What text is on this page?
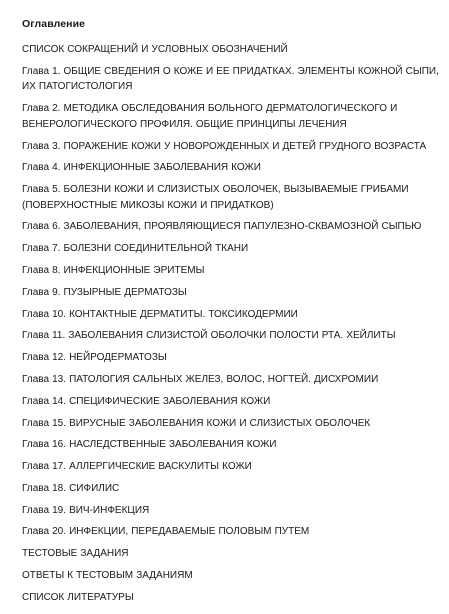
Оглавление
СПИСОК СОКРАЩЕНИЙ И УСЛОВНЫХ ОБОЗНАЧЕНИЙ
Глава 1. ОБЩИЕ СВЕДЕНИЯ О КОЖЕ И ЕЕ ПРИДАТКАХ. ЭЛЕМЕНТЫ КОЖНОЙ СЫПИ, ИХ ПАТОГИСТОЛОГИЯ
Глава 2. МЕТОДИКА ОБСЛЕДОВАНИЯ БОЛЬНОГО ДЕРМАТОЛОГИЧЕСКОГО И ВЕНЕРОЛОГИЧЕСКОГО ПРОФИЛЯ. ОБЩИЕ ПРИНЦИПЫ ЛЕЧЕНИЯ
Глава 3. ПОРАЖЕНИЕ КОЖИ У НОВОРОЖДЕННЫХ И ДЕТЕЙ ГРУДНОГО ВОЗРАСТА
Глава 4. ИНФЕКЦИОННЫЕ ЗАБОЛЕВАНИЯ КОЖИ
Глава 5. БОЛЕЗНИ КОЖИ И СЛИЗИСТЫХ ОБОЛОЧЕК, ВЫЗЫВАЕМЫЕ ГРИБАМИ (ПОВЕРХНОСТНЫЕ МИКОЗЫ КОЖИ И ПРИДАТКОВ)
Глава 6. ЗАБОЛЕВАНИЯ, ПРОЯВЛЯЮЩИЕСЯ ПАПУЛЕЗНО-СКВАМОЗНОЙ СЫПЬЮ
Глава 7. БОЛЕЗНИ СОЕДИНИТЕЛЬНОЙ ТКАНИ
Глава 8. ИНФЕКЦИОННЫЕ ЭРИТЕМЫ
Глава 9. ПУЗЫРНЫЕ ДЕРМАТОЗЫ
Глава 10. КОНТАКТНЫЕ ДЕРМАТИТЫ. ТОКСИКОДЕРМИИ
Глава 11. ЗАБОЛЕВАНИЯ СЛИЗИСТОЙ ОБОЛОЧКИ ПОЛОСТИ РТА. ХЕЙЛИТЫ
Глава 12. НЕЙРОДЕРМАТОЗЫ
Глава 13. ПАТОЛОГИЯ САЛЬНЫХ ЖЕЛЕЗ, ВОЛОС, НОГТЕЙ. ДИСХРОМИИ
Глава 14. СПЕЦИФИЧЕСКИЕ ЗАБОЛЕВАНИЯ КОЖИ
Глава 15. ВИРУСНЫЕ ЗАБОЛЕВАНИЯ КОЖИ И СЛИЗИСТЫХ ОБОЛОЧЕК
Глава 16. НАСЛЕДСТВЕННЫЕ ЗАБОЛЕВАНИЯ КОЖИ
Глава 17. АЛЛЕРГИЧЕСКИЕ ВАСКУЛИТЫ КОЖИ
Глава 18. СИФИЛИС
Глава 19. ВИЧ-ИНФЕКЦИЯ
Глава 20. ИНФЕКЦИИ, ПЕРЕДАВАЕМЫЕ ПОЛОВЫМ ПУТЕМ
ТЕСТОВЫЕ ЗАДАНИЯ
ОТВЕТЫ К ТЕСТОВЫМ ЗАДАНИЯМ
СПИСОК ЛИТЕРАТУРЫ
